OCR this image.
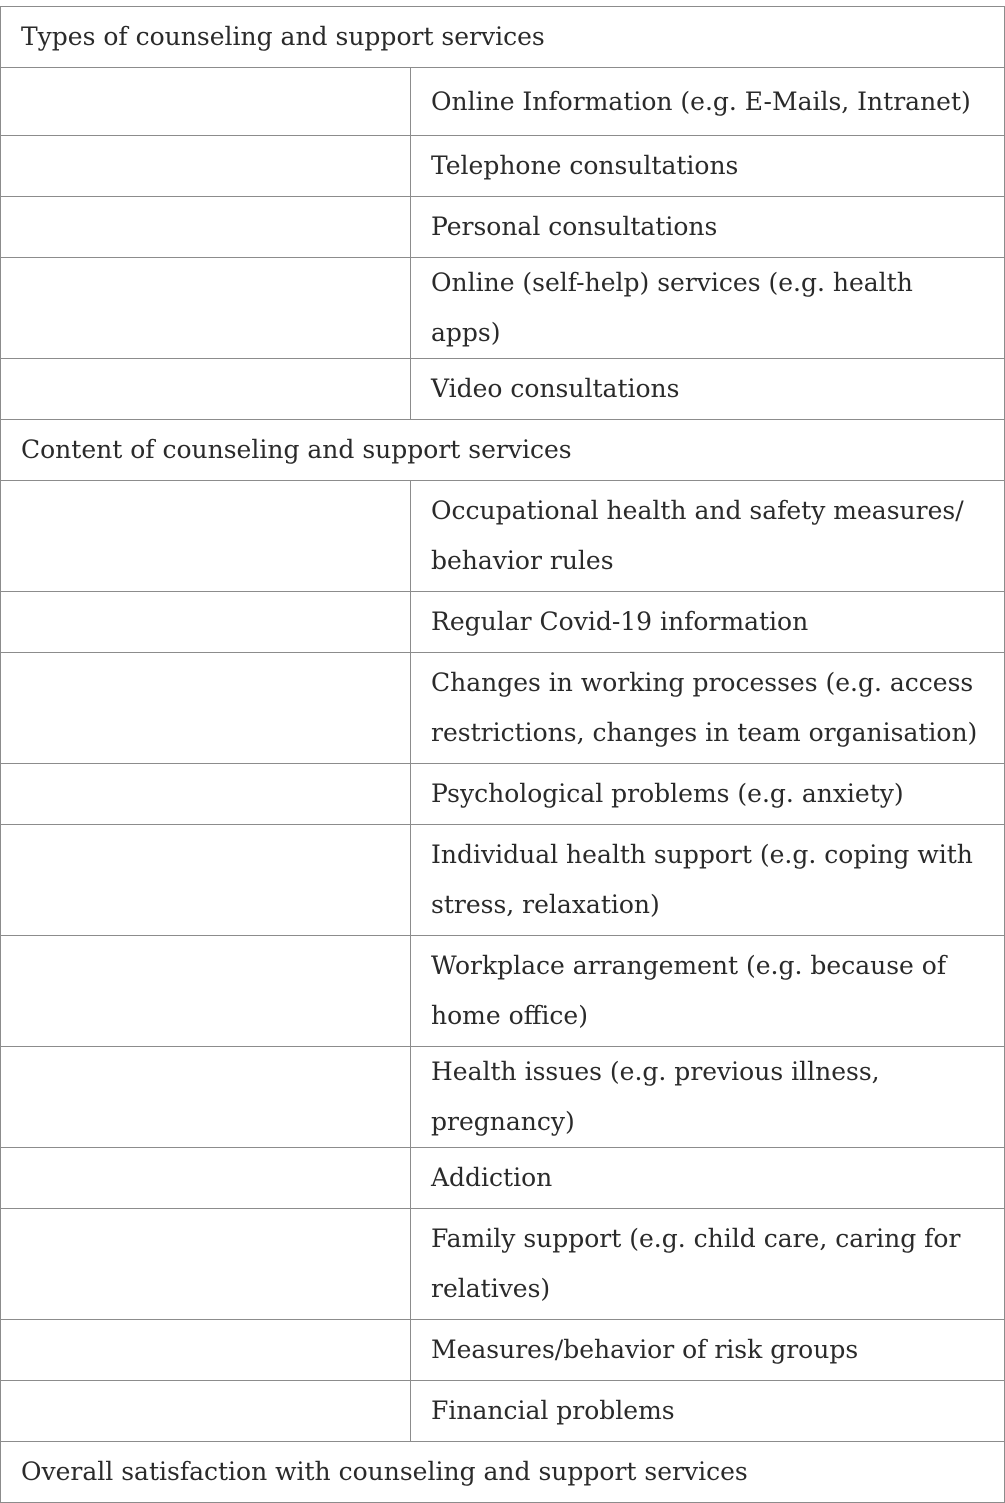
Types of counseling and support services	
	Online Information (e.g. E-Mails, Intranet)
	Telephone consultations
	Personal consultations
	Online (self-help) services (e.g. health apps)
	Video consultations
Content of counseling and support services	
	Occupational health and safety measures/ behavior rules
	Regular Covid-19 information
	Changes in working processes (e.g. access restrictions, changes in team organisation)
	Psychological problems (e.g. anxiety)
	Individual health support (e.g. coping with stress, relaxation)
	Workplace arrangement (e.g. because of home office)
	Health issues (e.g. previous illness, pregnancy)
	Addiction
	Family support (e.g. child care, caring for relatives)
	Measures/behavior of risk groups
	Financial problems
Overall satisfaction with counseling and support services	
